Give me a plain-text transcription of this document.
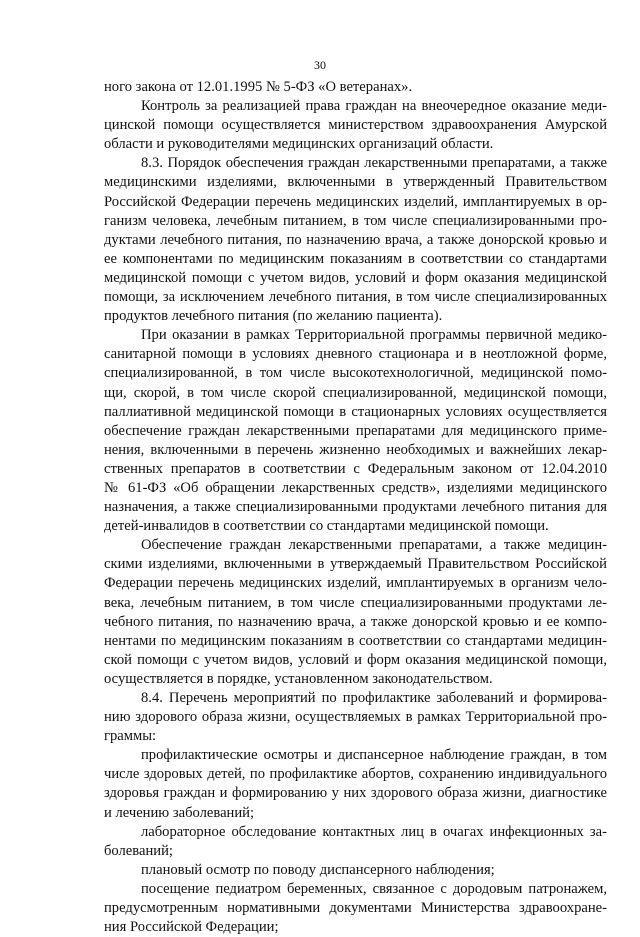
30
ного закона от 12.01.1995 № 5-ФЗ «О ветеранах».
Контроль за реализацией права граждан на внеочередное оказание меди-
цинской помощи осуществляется министерством здравоохранения Амурской
области и руководителями медицинских организаций области.
8.3. Порядок обеспечения граждан лекарственными препаратами, а также
медицинскими изделиями, включенными в утвержденный Правительством
Российской Федерации перечень медицинских изделий, имплантируемых в ор-
ганизм человека, лечебным питанием, в том числе специализированными про-
дуктами лечебного питания, по назначению врача, а также донорской кровью и
ее компонентами по медицинским показаниям в соответствии со стандартами
медицинской помощи с учетом видов, условий и форм оказания медицинской
помощи, за исключением лечебного питания, в том числе специализированных
продуктов лечебного питания (по желанию пациента).
При оказании в рамках Территориальной программы первичной медико-
санитарной помощи в условиях дневного стационара и в неотложной форме,
специализированной, в том числе высокотехнологичной, медицинской помо-
щи, скорой, в том числе скорой специализированной, медицинской помощи,
паллиативной медицинской помощи в стационарных условиях осуществляется
обеспечение граждан лекарственными препаратами для медицинского приме-
нения, включенными в перечень жизненно необходимых и важнейших лекар-
ственных препаратов в соответствии с Федеральным законом от 12.04.2010
№ 61-ФЗ «Об обращении лекарственных средств», изделиями медицинского
назначения, а также специализированными продуктами лечебного питания для
детей-инвалидов в соответствии со стандартами медицинской помощи.
Обеспечение граждан лекарственными препаратами, а также медицин-
скими изделиями, включенными в утверждаемый Правительством Российской
Федерации перечень медицинских изделий, имплантируемых в организм чело-
века, лечебным питанием, в том числе специализированными продуктами ле-
чебного питания, по назначению врача, а также донорской кровью и ее компо-
нентами по медицинским показаниям в соответствии со стандартами медицин-
ской помощи с учетом видов, условий и форм оказания медицинской помощи,
осуществляется в порядке, установленном законодательством.
8.4. Перечень мероприятий по профилактике заболеваний и формирова-
нию здорового образа жизни, осуществляемых в рамках Территориальной про-
граммы:
профилактические осмотры и диспансерное наблюдение граждан, в том
числе здоровых детей, по профилактике абортов, сохранению индивидуального
здоровья граждан и формированию у них здорового образа жизни, диагностике
и лечению заболеваний;
лабораторное обследование контактных лиц в очагах инфекционных за-
болеваний;
плановый осмотр по поводу диспансерного наблюдения;
посещение педиатром беременных, связанное с дородовым патронажем,
предусмотренным нормативными документами Министерства здравоохране-
ния Российской Федерации;
